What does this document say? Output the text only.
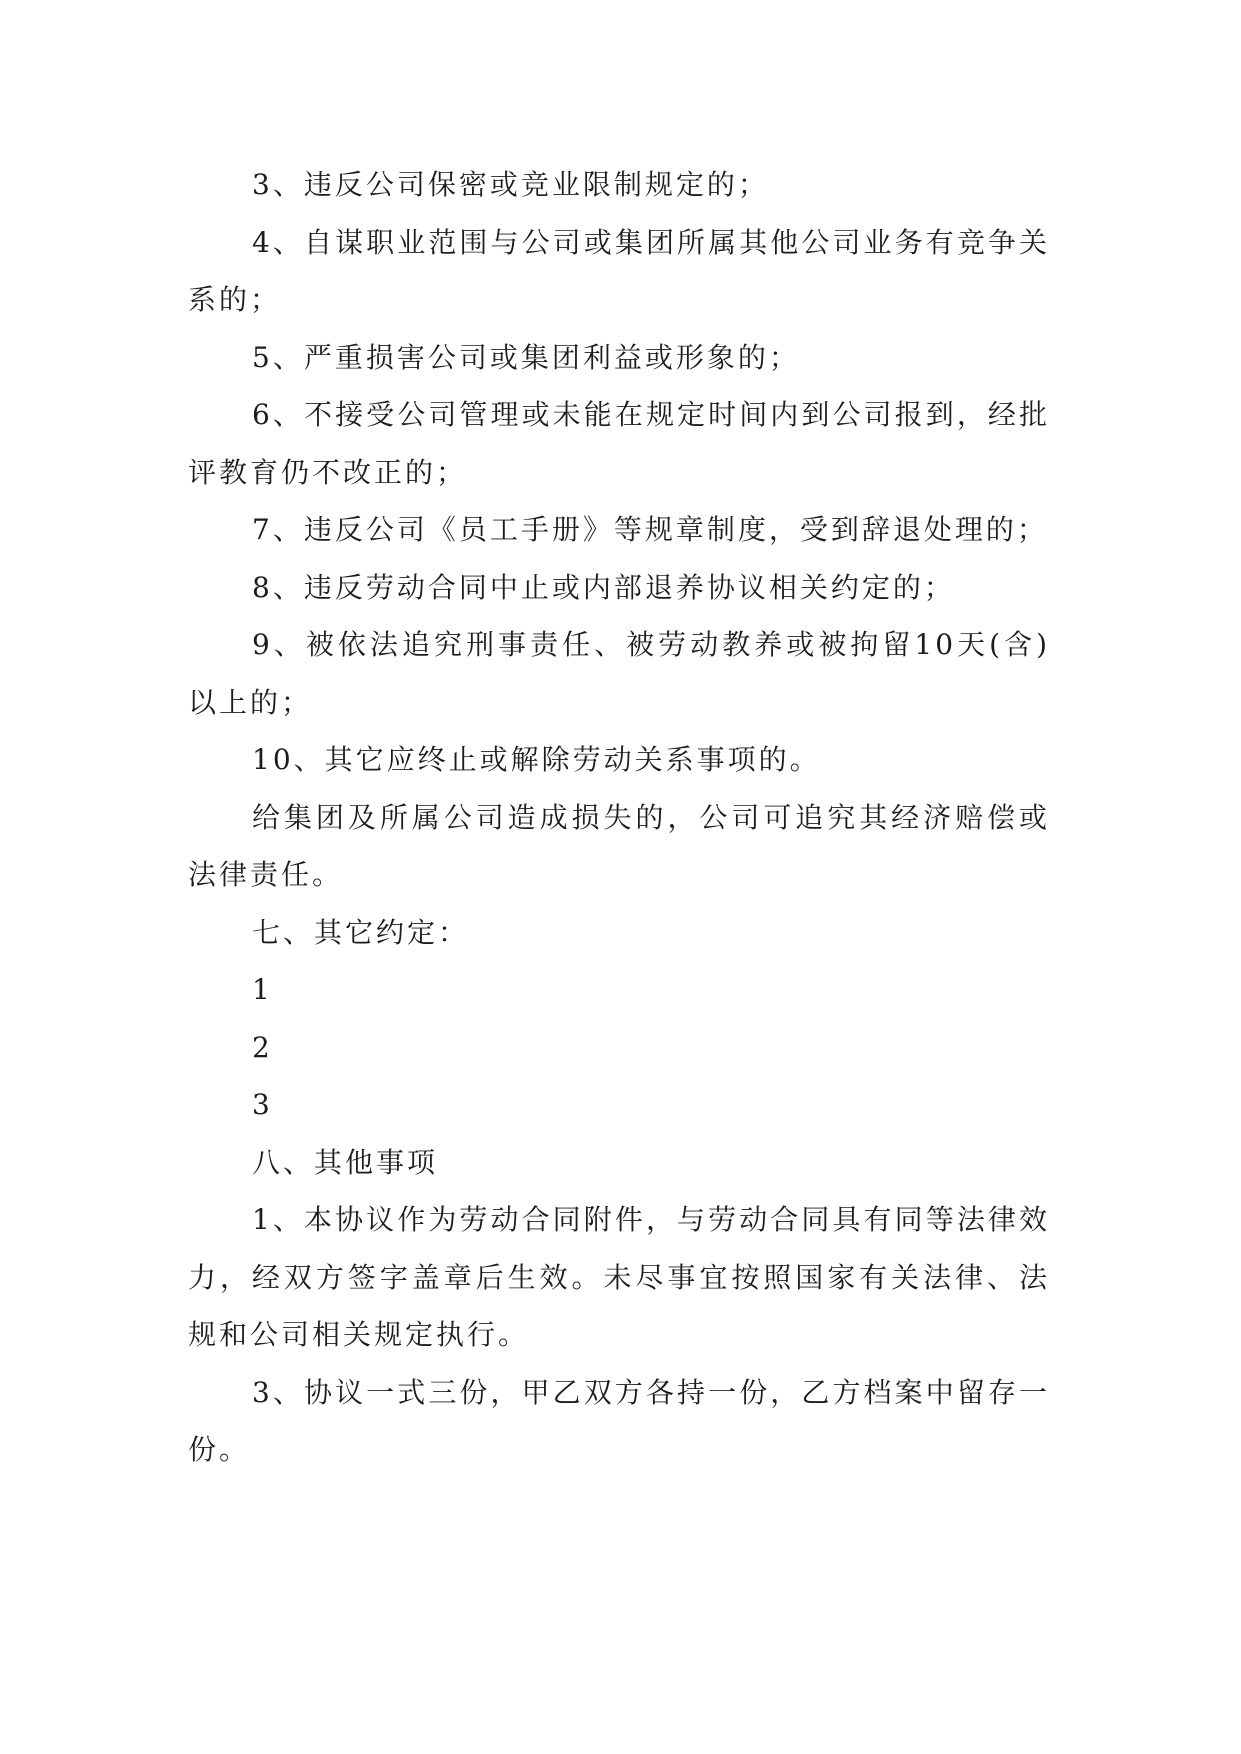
3、违反公司保密或竞业限制规定的；

4、自谋职业范围与公司或集团所属其他公司业务有竞争关系的；

5、严重损害公司或集团利益或形象的；

6、不接受公司管理或未能在规定时间内到公司报到，经批评教育仍不改正的；

7、违反公司《员工手册》等规章制度，受到辞退处理的；

8、违反劳动合同中止或内部退养协议相关约定的；

9、被依法追究刑事责任、被劳动教养或被拘留10天(含)以上的；

10、其它应终止或解除劳动关系事项的。

给集团及所属公司造成损失的，公司可追究其经济赔偿或法律责任。

七、其它约定：

1

2

3

八、其他事项

1、本协议作为劳动合同附件，与劳动合同具有同等法律效力，经双方签字盖章后生效。未尽事宜按照国家有关法律、法规和公司相关规定执行。

3、协议一式三份，甲乙双方各持一份，乙方档案中留存一份。
